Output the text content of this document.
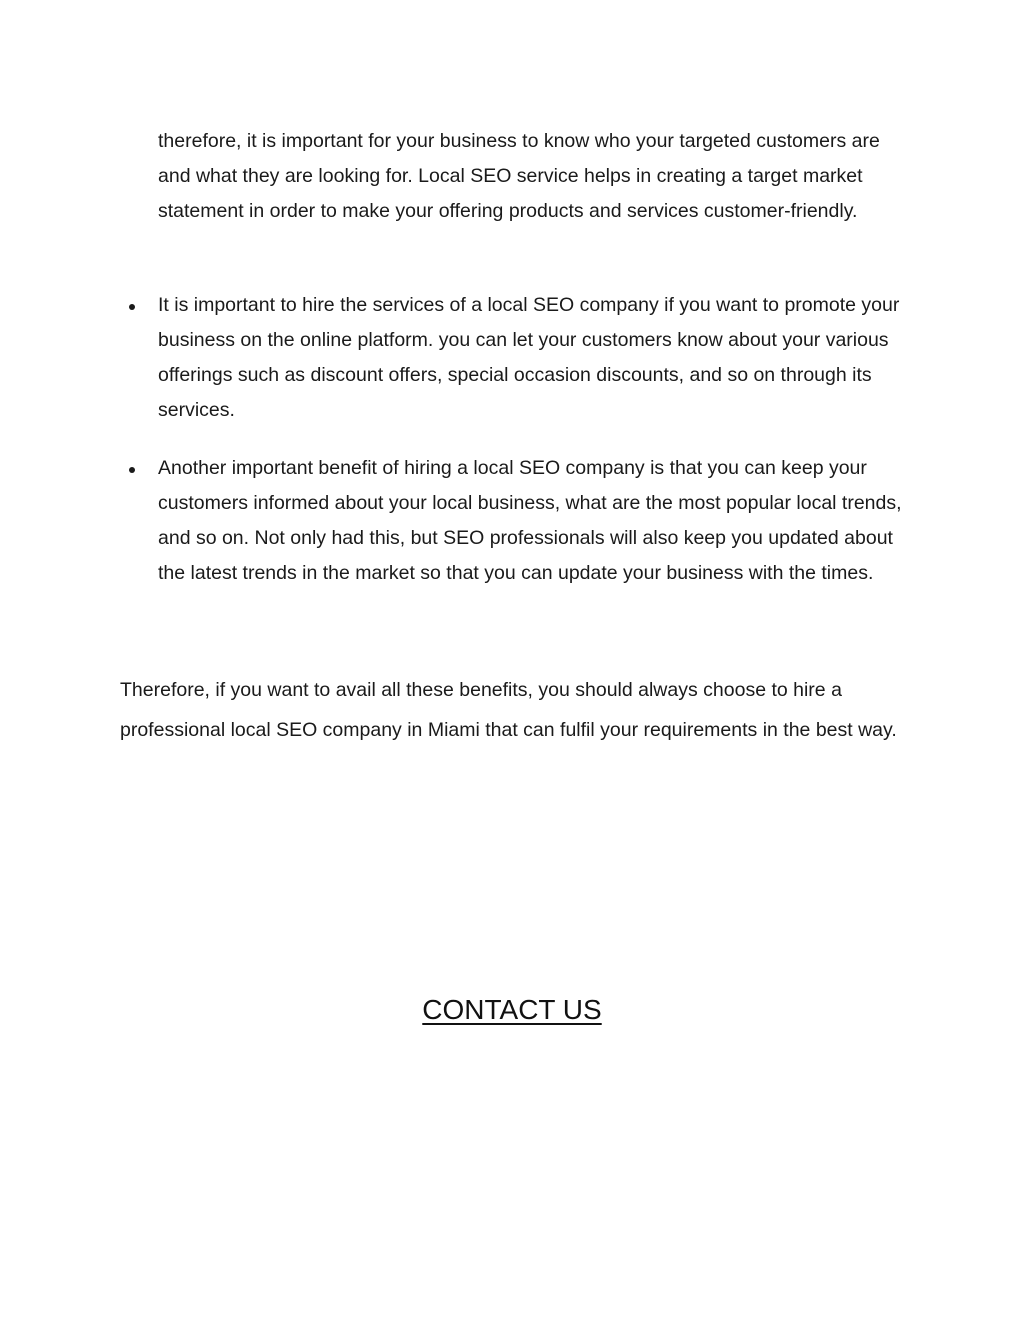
therefore, it is important for your business to know who your targeted customers are and what they are looking for. Local SEO service helps in creating a target market statement in order to make your offering products and services customer-friendly.

It is important to hire the services of a local SEO company if you want to promote your business on the online platform. you can let your customers know about your various offerings such as discount offers, special occasion discounts, and so on through its services.
Another important benefit of hiring a local SEO company is that you can keep your customers informed about your local business, what are the most popular local trends, and so on. Not only had this, but SEO professionals will also keep you updated about the latest trends in the market so that you can update your business with the times.

Therefore, if you want to avail all these benefits, you should always choose to hire a professional local SEO company in Miami that can fulfil your requirements in the best way.

CONTACT US
